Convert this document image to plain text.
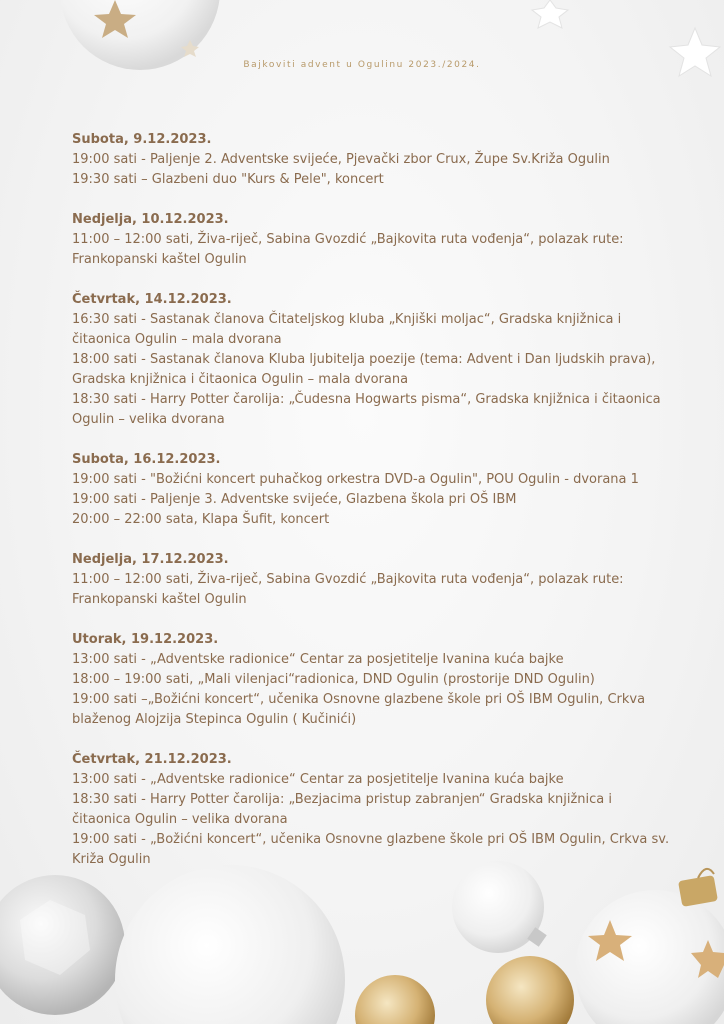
Bajkoviti advent u Ogulinu 2023./2024.
Subota, 9.12.2023.
19:00 sati - Paljenje 2. Adventske svijeće, Pjevački zbor Crux, Župe Sv.Križa Ogulin
19:30 sati – Glazbeni duo "Kurs & Pele", koncert
Nedjelja, 10.12.2023.
11:00 – 12:00 sati, Živa-riječ, Sabina Gvozdić „Bajkovita ruta vođenja“, polazak rute: Frankopanski kaštel Ogulin
Četvrtak, 14.12.2023.
16:30 sati - Sastanak članova Čitateljskog kluba „Knjiški moljac“, Gradska knjižnica i čitaonica Ogulin – mala dvorana
18:00 sati - Sastanak članova Kluba ljubitelja poezije (tema: Advent i Dan ljudskih prava), Gradska knjižnica i čitaonica Ogulin – mala dvorana
18:30 sati - Harry Potter čarolija: „Čudesna Hogwarts pisma“, Gradska knjižnica i čitaonica Ogulin – velika dvorana
Subota, 16.12.2023.
19:00 sati - "Božićni koncert puhačkog orkestra DVD-a Ogulin", POU Ogulin - dvorana 1
19:00 sati - Paljenje 3. Adventske svijeće, Glazbena škola pri OŠ IBM
20:00 – 22:00 sata, Klapa Šufit, koncert
Nedjelja, 17.12.2023.
11:00 – 12:00 sati, Živa-riječ, Sabina Gvozdić „Bajkovita ruta vođenja“, polazak rute: Frankopanski kaštel Ogulin
Utorak, 19.12.2023.
13:00 sati - „Adventske radionice“ Centar za posjetitelje Ivanina kuća bajke
18:00 – 19:00 sati, „Mali vilenjaci“radionica, DND Ogulin (prostorije DND Ogulin)
19:00 sati –„Božićni koncert“, učenika Osnovne glazbene škole pri OŠ IBM Ogulin, Crkva blaženog Alojzija Stepinca Ogulin ( Kučinići)
Četvrtak, 21.12.2023.
13:00 sati - „Adventske radionice“ Centar za posjetitelje Ivanina kuća bajke
18:30 sati - Harry Potter čarolija: „Bezjacima pristup zabranjen“ Gradska knjižnica i čitaonica Ogulin – velika dvorana
19:00 sati - „Božićni koncert“, učenika Osnovne glazbene škole pri OŠ IBM Ogulin, Crkva sv. Križa Ogulin
